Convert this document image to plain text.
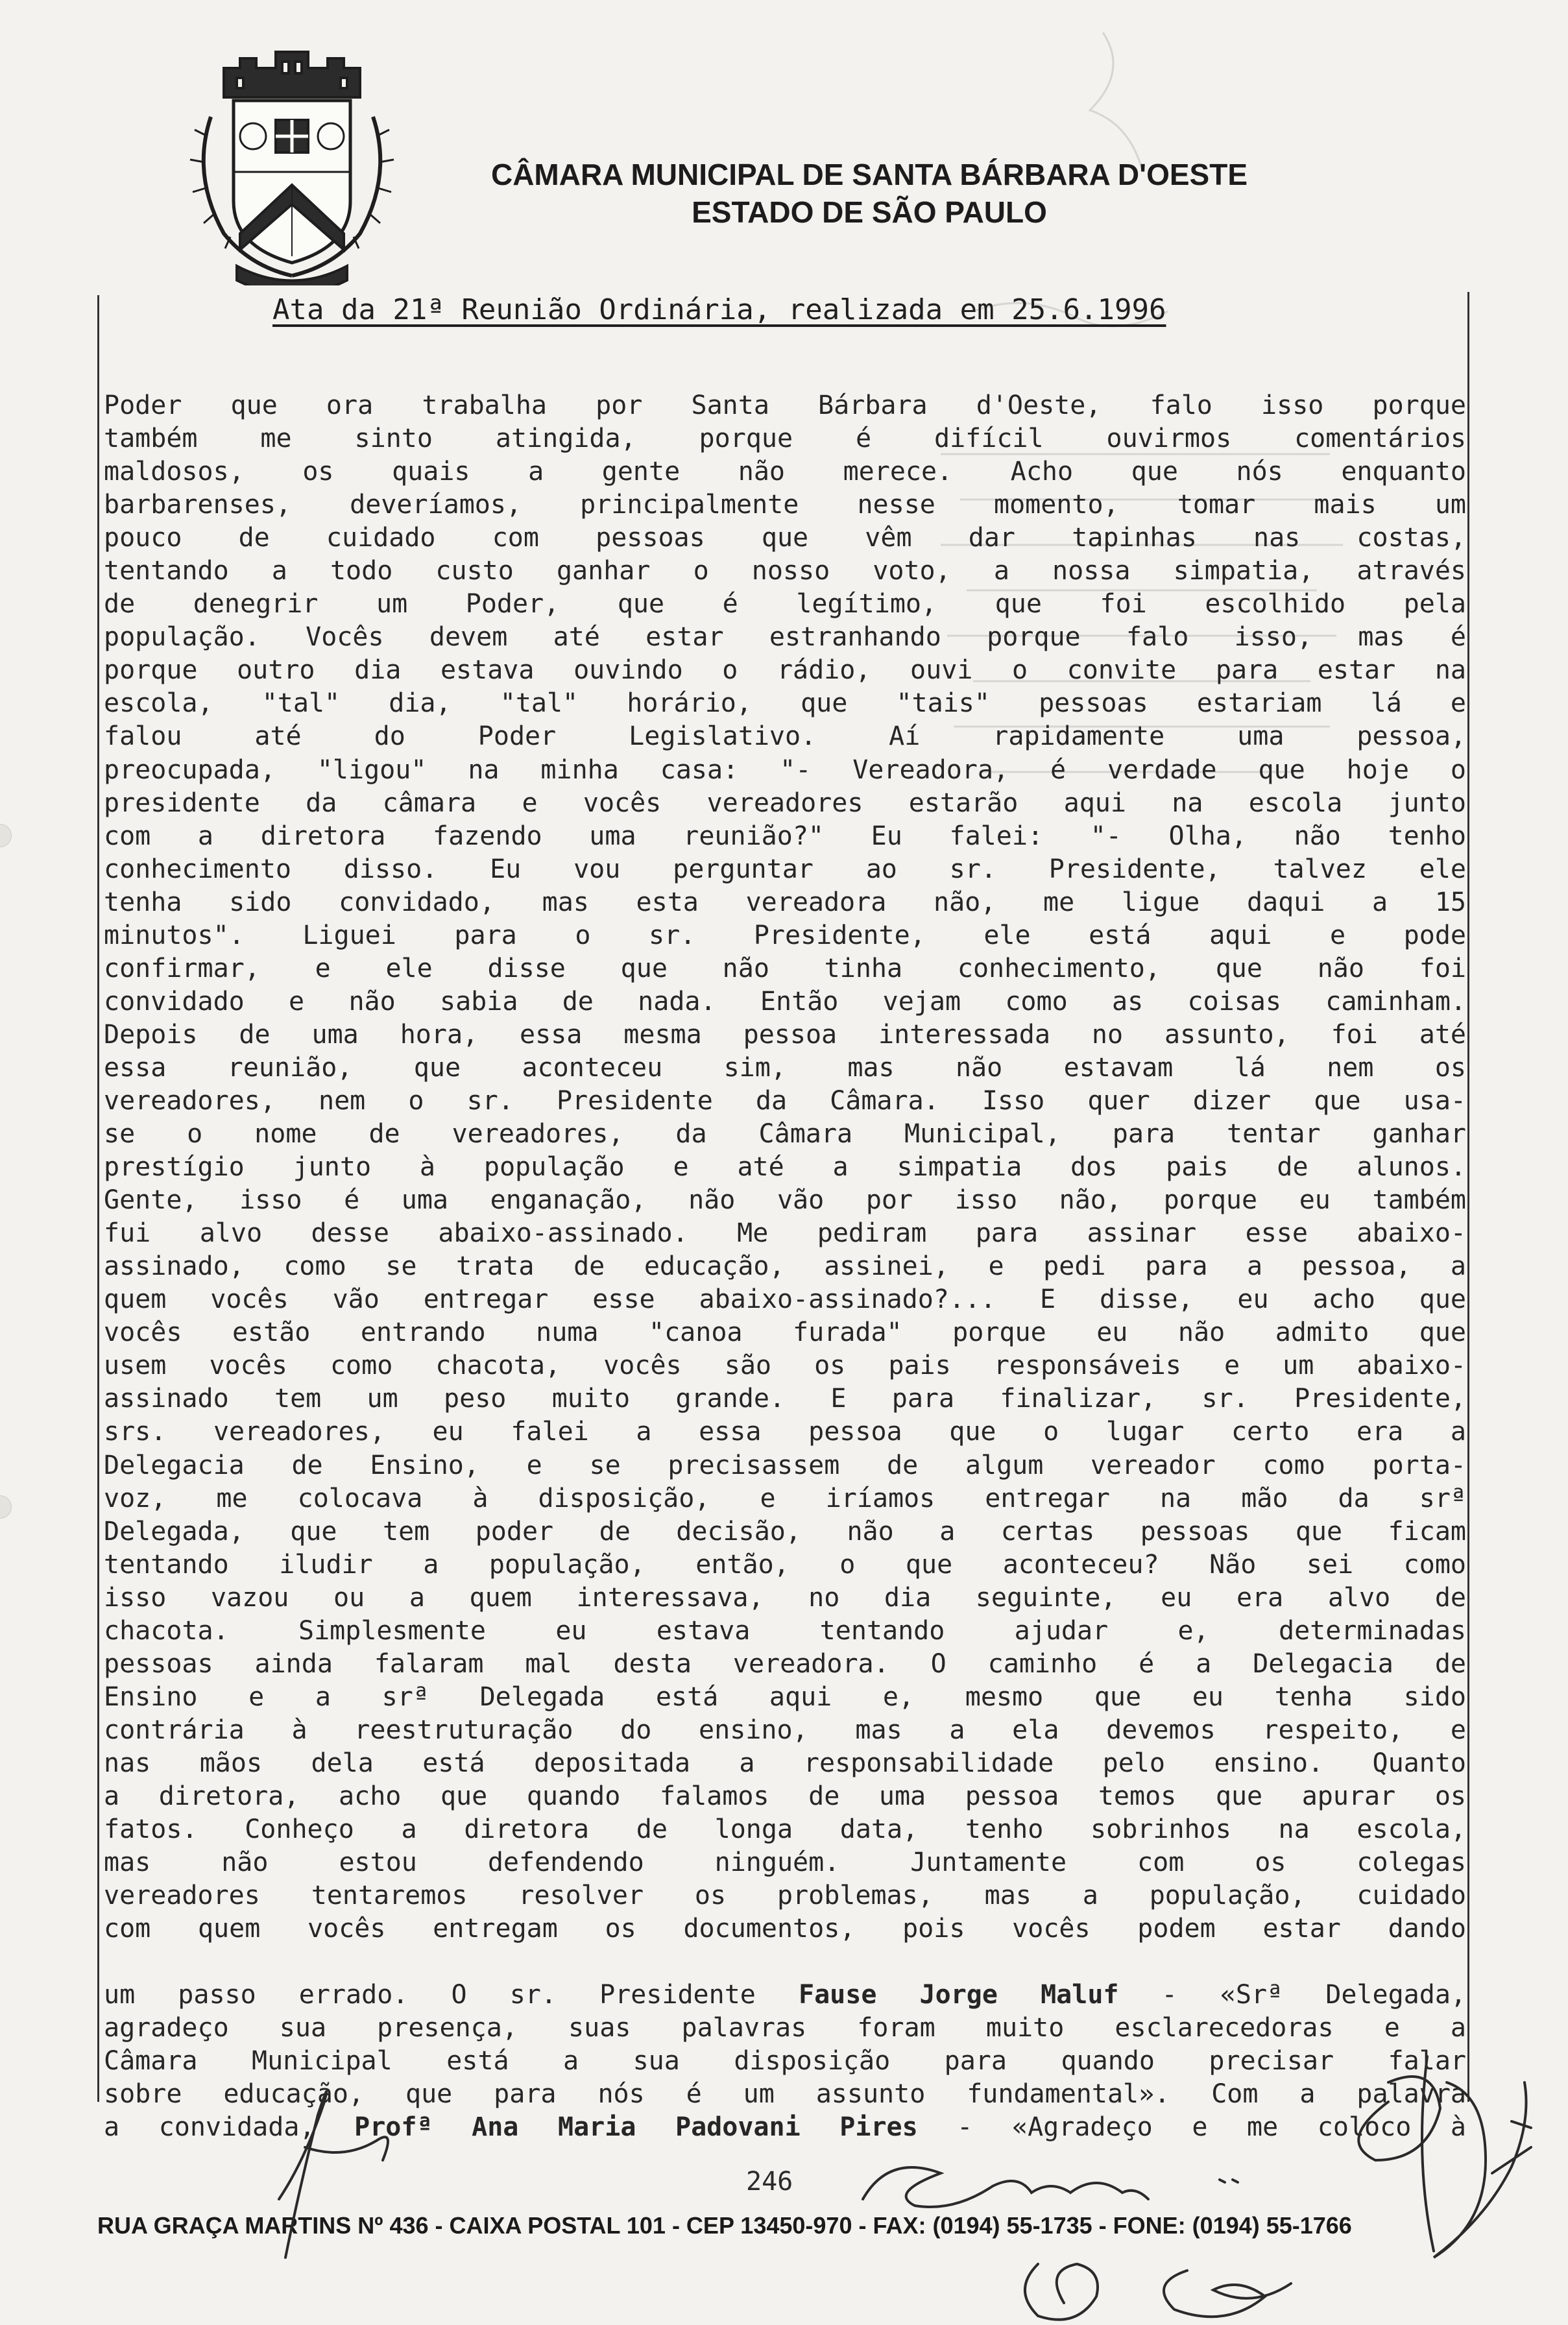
CÂMARA MUNICIPAL DE SANTA BÁRBARA D'OESTE
ESTADO DE SÃO PAULO
Ata da 21ª Reunião Ordinária, realizada em 25.6.1996
Poder que ora trabalha por Santa Bárbara d'Oeste, falo isso porque
também me sinto atingida, porque é difícil ouvirmos comentários
maldosos, os quais a gente não merece. Acho que nós enquanto
barbarenses, deveríamos, principalmente nesse momento, tomar mais um
pouco de cuidado com pessoas que vêm dar tapinhas nas costas,
tentando a todo custo ganhar o nosso voto, a nossa simpatia, através
de denegrir um Poder, que é legítimo, que foi escolhido pela
população. Vocês devem até estar estranhando porque falo isso, mas é
porque outro dia estava ouvindo o rádio, ouvi o convite para estar na
escola, "tal" dia, "tal" horário, que "tais" pessoas estariam lá e
falou até do Poder Legislativo. Aí rapidamente uma pessoa,
preocupada, "ligou" na minha casa: "- Vereadora, é verdade que hoje o
presidente da câmara e vocês vereadores estarão aqui na escola junto
com a diretora fazendo uma reunião?" Eu falei: "- Olha, não tenho
conhecimento disso. Eu vou perguntar ao sr. Presidente, talvez ele
tenha sido convidado, mas esta vereadora não, me ligue daqui a 15
minutos". Liguei para o sr. Presidente, ele está aqui e pode
confirmar, e ele disse que não tinha conhecimento, que não foi
convidado e não sabia de nada. Então vejam como as coisas caminham.
Depois de uma hora, essa mesma pessoa interessada no assunto, foi até
essa reunião, que aconteceu sim, mas não estavam lá nem os
vereadores, nem o sr. Presidente da Câmara. Isso quer dizer que usa-
se o nome de vereadores, da Câmara Municipal, para tentar ganhar
prestígio junto à população e até a simpatia dos pais de alunos.
Gente, isso é uma enganação, não vão por isso não, porque eu também
fui alvo desse abaixo-assinado. Me pediram para assinar esse abaixo-
assinado, como se trata de educação, assinei, e pedi para a pessoa, a
quem vocês vão entregar esse abaixo-assinado?... E disse, eu acho que
vocês estão entrando numa "canoa furada" porque eu não admito que
usem vocês como chacota, vocês são os pais responsáveis e um abaixo-
assinado tem um peso muito grande. E para finalizar, sr. Presidente,
srs. vereadores, eu falei a essa pessoa que o lugar certo era a
Delegacia de Ensino, e se precisassem de algum vereador como porta-
voz, me colocava à disposição, e iríamos entregar na mão da srª
Delegada, que tem poder de decisão, não a certas pessoas que ficam
tentando iludir a população, então, o que aconteceu? Não sei como
isso vazou ou a quem interessava, no dia seguinte, eu era alvo de
chacota. Simplesmente eu estava tentando ajudar e, determinadas
pessoas ainda falaram mal desta vereadora. O caminho é a Delegacia de
Ensino e a srª Delegada está aqui e, mesmo que eu tenha sido
contrária à reestruturação do ensino, mas a ela devemos respeito, e
nas mãos dela está depositada a responsabilidade pelo ensino. Quanto
a diretora, acho que quando falamos de uma pessoa temos que apurar os
fatos. Conheço a diretora de longa data, tenho sobrinhos na escola,
mas não estou defendendo ninguém. Juntamente com os colegas
vereadores tentaremos resolver os problemas, mas a população, cuidado
com quem vocês entregam os documentos, pois vocês podem estar dando
um passo errado. O sr. Presidente Fause Jorge Maluf - «Srª Delegada,
agradeço sua presença, suas palavras foram muito esclarecedoras e a
Câmara Municipal está a sua disposição para quando precisar falar
sobre educação, que para nós é um assunto fundamental». Com a palavra
a convidada, Profª Ana Maria Padovani Pires - «Agradeço e me coloco à
246
RUA GRAÇA MARTINS Nº 436 - CAIXA POSTAL 101 - CEP 13450-970 - FAX: (0194) 55-1735 - FONE: (0194) 55-1766
